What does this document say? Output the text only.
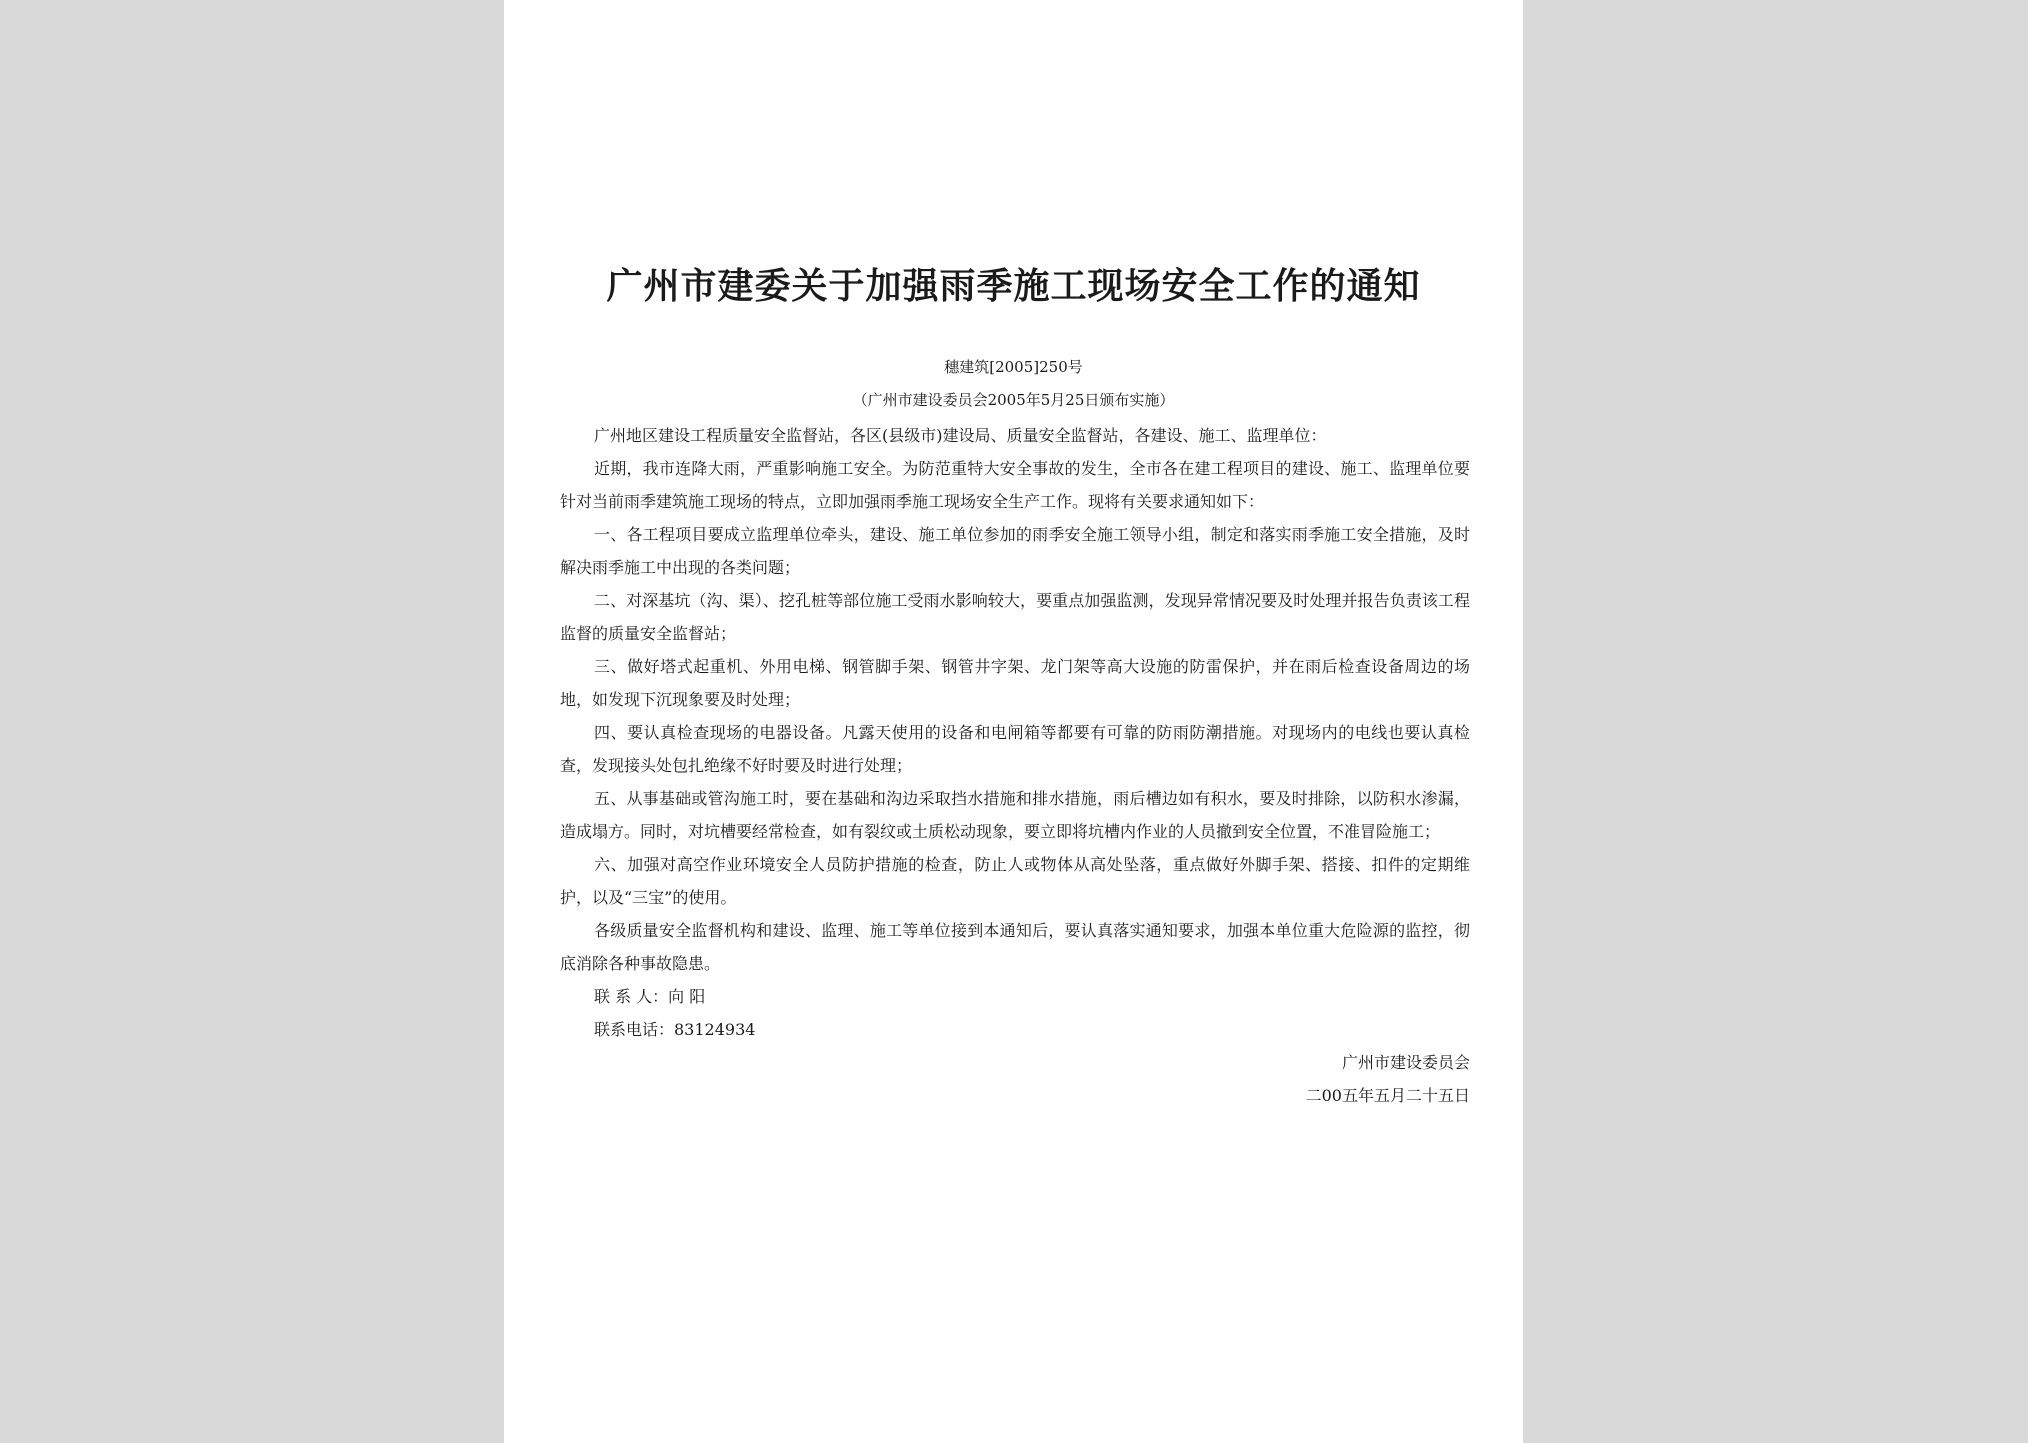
广州市建委关于加强雨季施工现场安全工作的通知
穗建筑[2005]250号
（广州市建设委员会2005年5月25日颁布实施）

广州地区建设工程质量安全监督站，各区(县级市)建设局、质量安全监督站，各建设、施工、监理单位：

近期，我市连降大雨，严重影响施工安全。为防范重特大安全事故的发生，全市各在建工程项目的建设、施工、监理单位要针对当前雨季建筑施工现场的特点，立即加强雨季施工现场安全生产工作。现将有关要求通知如下：

一、各工程项目要成立监理单位牵头，建设、施工单位参加的雨季安全施工领导小组，制定和落实雨季施工安全措施，及时解决雨季施工中出现的各类问题；

二、对深基坑（沟、渠）、挖孔桩等部位施工受雨水影响较大，要重点加强监测，发现异常情况要及时处理并报告负责该工程监督的质量安全监督站；

三、做好塔式起重机、外用电梯、钢管脚手架、钢管井字架、龙门架等高大设施的防雷保护，并在雨后检查设备周边的场地，如发现下沉现象要及时处理；

四、要认真检查现场的电器设备。凡露天使用的设备和电闸箱等都要有可靠的防雨防潮措施。对现场内的电线也要认真检查，发现接头处包扎绝缘不好时要及时进行处理；

五、从事基础或管沟施工时，要在基础和沟边采取挡水措施和排水措施，雨后槽边如有积水，要及时排除，以防积水渗漏，造成塌方。同时，对坑槽要经常检查，如有裂纹或土质松动现象，要立即将坑槽内作业的人员撤到安全位置，不准冒险施工；

六、加强对高空作业环境安全人员防护措施的检查，防止人或物体从高处坠落，重点做好外脚手架、搭接、扣件的定期维护，以及“三宝”的使用。

各级质量安全监督机构和建设、监理、施工等单位接到本通知后，要认真落实通知要求，加强本单位重大危险源的监控，彻底消除各种事故隐患。

联 系 人：向 阳

联系电话：83124934

广州市建设委员会

二00五年五月二十五日
